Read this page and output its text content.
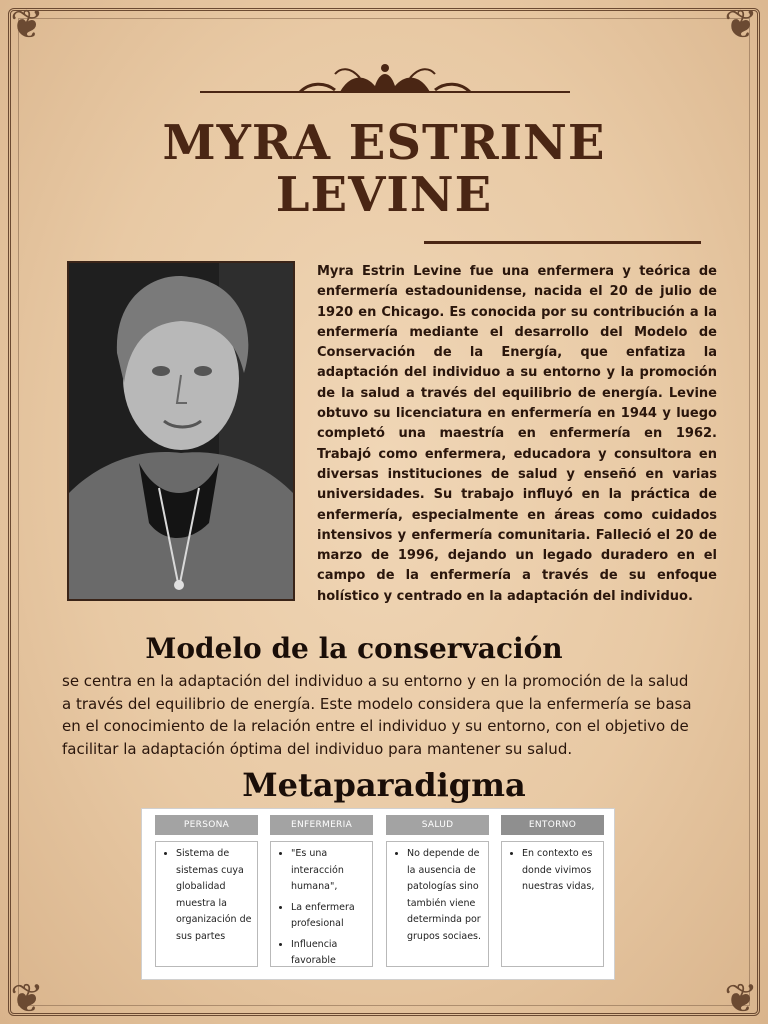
❦	❦
❦	❦
MYRA ESTRINE
LEVINE

Myra Estrin Levine fue una enfermera y teórica de enfermería estadounidense, nacida el 20 de julio de 1920 en Chicago. Es conocida por su contribución a la enfermería mediante el desarrollo del Modelo de Conservación de la Energía, que enfatiza la adaptación del individuo a su entorno y la promoción de la salud a través del equilibrio de energía. Levine obtuvo su licenciatura en enfermería en 1944 y luego completó una maestría en enfermería en 1962. Trabajó como enfermera, educadora y consultora en diversas instituciones de salud y enseñó en varias universidades. Su trabajo influyó en la práctica de enfermería, especialmente en áreas como cuidados intensivos y enfermería comunitaria. Falleció el 20 de marzo de 1996, dejando un legado duradero en el campo de la enfermería a través de su enfoque holístico y centrado en la adaptación del individuo.

Modelo de la conservación

se centra en la adaptación del individuo a su entorno y en la promoción de la salud a través del equilibrio de energía. Este modelo considera que la enfermería se basa en el conocimiento de la relación entre el individuo y su entorno, con el objetivo de facilitar la adaptación óptima del individuo para mantener su salud.

Metaparadigma
PERSONA
• Sistema de sistemas cuya globalidad muestra la organización de sus partes
ENFERMERIA
• "Es una interacción humana",
• La enfermera profesional
• Influencia favorable
SALUD
• No depende de la ausencia de patologías sino también viene determinda por grupos sociaes.
ENTORNO
• En contexto es donde vivimos nuestras vidas,
